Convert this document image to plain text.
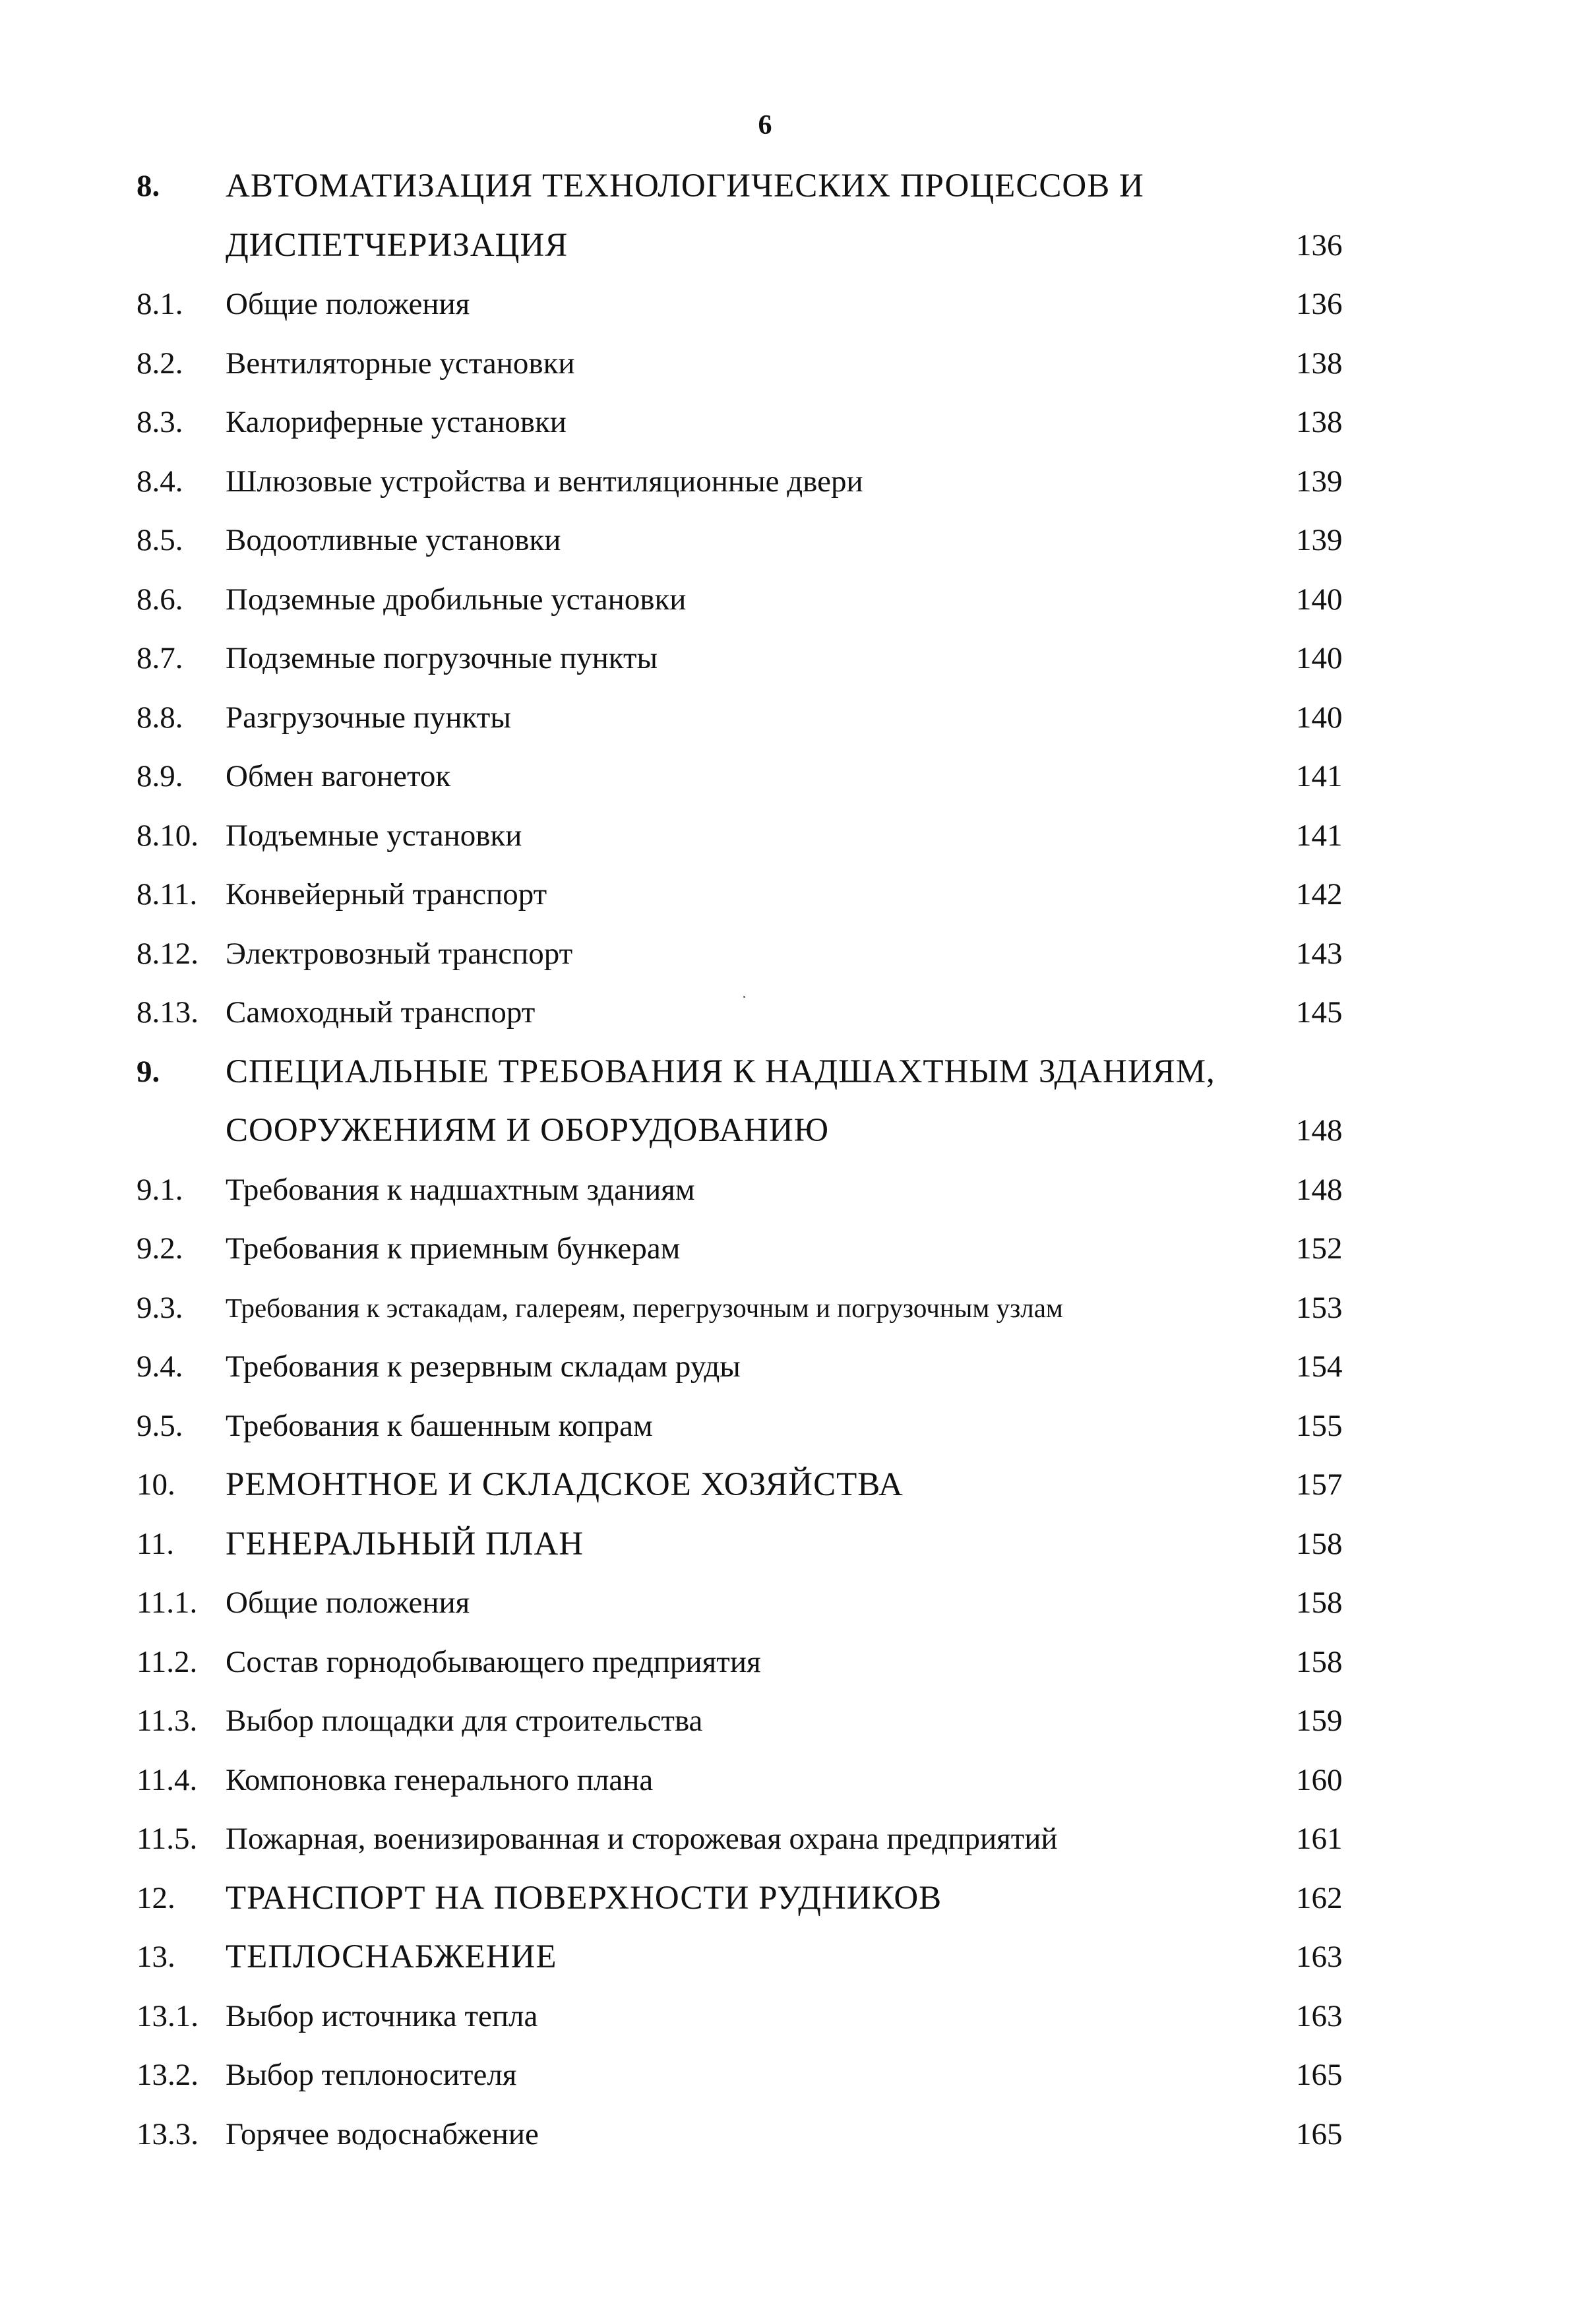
6
8. АВТОМАТИЗАЦИЯ ТЕХНОЛОГИЧЕСКИХ ПРОЦЕССОВ И
ДИСПЕТЧЕРИЗАЦИЯ	136
8.1. Общие положения	136
8.2. Вентиляторные установки	138
8.3. Калориферные установки	138
8.4. Шлюзовые устройства и вентиляционные двери	139
8.5. Водоотливные установки	139
8.6. Подземные дробильные установки	140
8.7. Подземные погрузочные пункты	140
8.8. Разгрузочные пункты	140
8.9. Обмен вагонеток	141
8.10. Подъемные установки	141
8.11. Конвейерный транспорт	142
8.12. Электровозный транспорт	143
8.13. Самоходный транспорт	145
9. СПЕЦИАЛЬНЫЕ ТРЕБОВАНИЯ К НАДШАХТНЫМ ЗДАНИЯМ,
СООРУЖЕНИЯМ И ОБОРУДОВАНИЮ	148
9.1. Требования к надшахтным зданиям	148
9.2. Требования к приемным бункерам	152
9.3. Требования к эстакадам, галереям, перегрузочным и погрузочным узлам	153
9.4. Требования к резервным складам руды	154
9.5. Требования к башенным копрам	155
10. РЕМОНТНОЕ И СКЛАДСКОЕ ХОЗЯЙСТВА	157
11. ГЕНЕРАЛЬНЫЙ ПЛАН	158
11.1. Общие положения	158
11.2. Состав горнодобывающего предприятия	158
11.3. Выбор площадки для строительства	159
11.4. Компоновка генерального плана	160
11.5. Пожарная, военизированная и сторожевая охрана предприятий	161
12. ТРАНСПОРТ НА ПОВЕРХНОСТИ РУДНИКОВ	162
13. ТЕПЛОСНАБЖЕНИЕ	163
13.1. Выбор источника тепла	163
13.2. Выбор теплоносителя	165
13.3. Горячее водоснабжение	165
